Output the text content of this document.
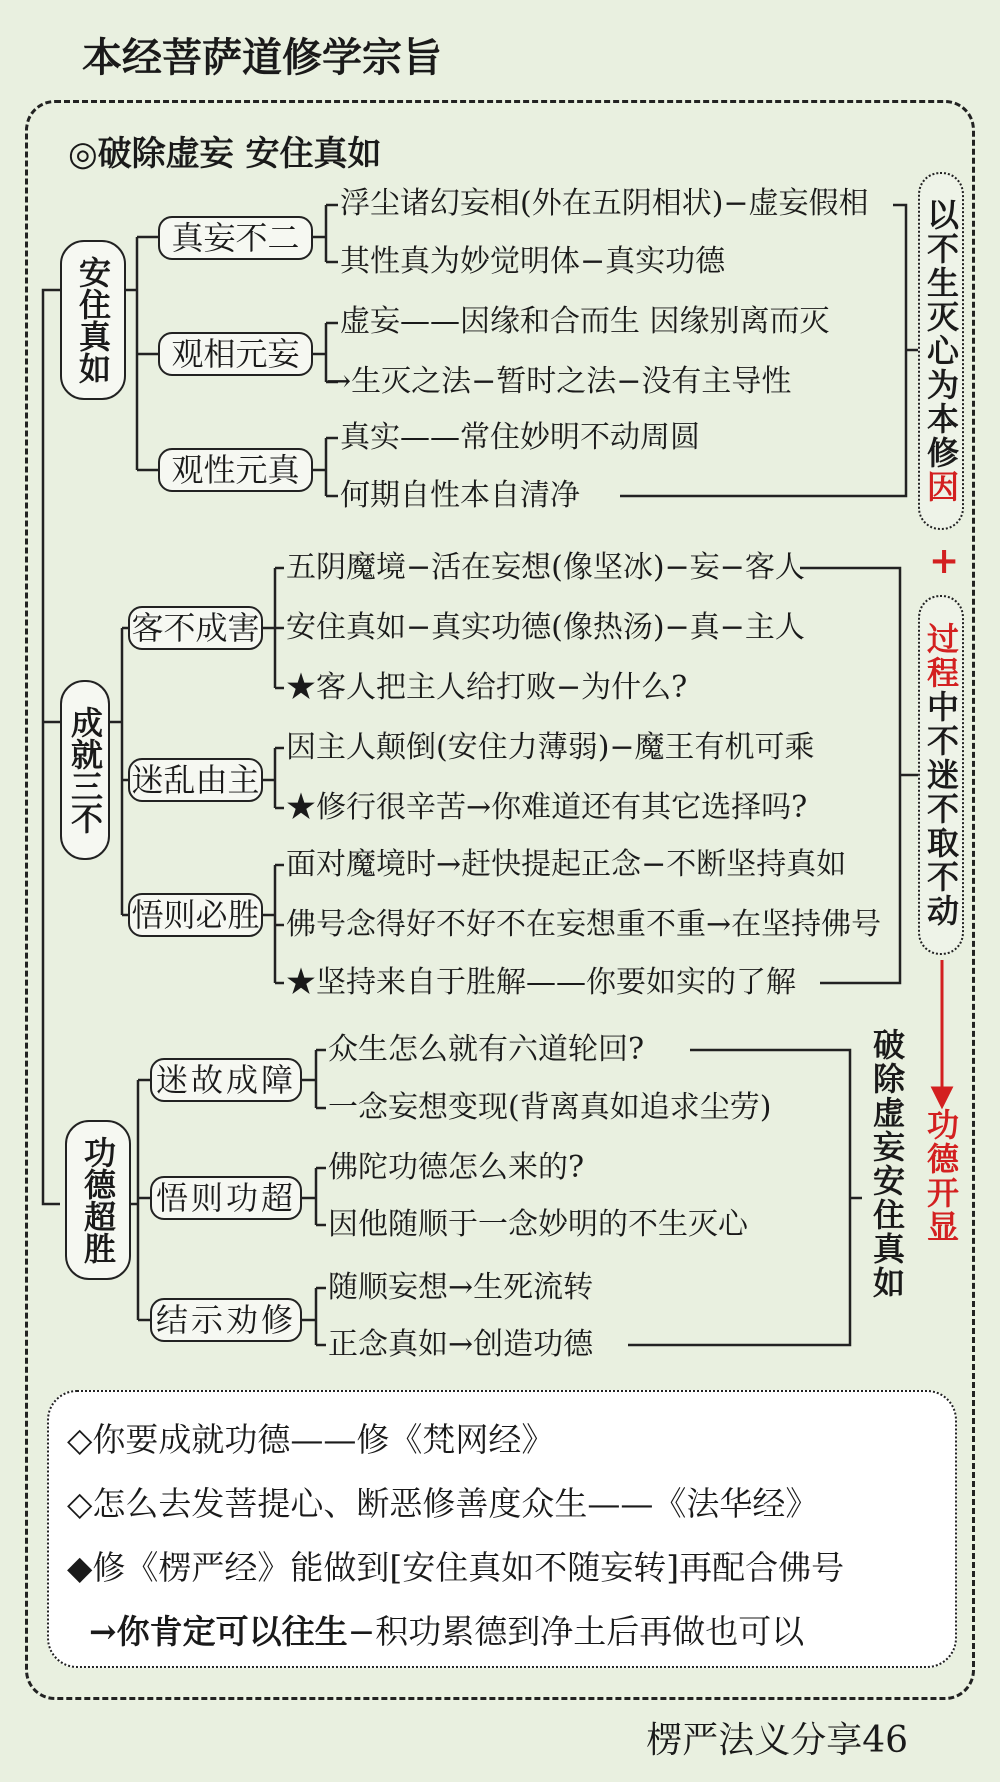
本经菩萨道修学宗旨
◎破除虚妄 安住真如
安住真如
成就三不
功德超胜
真妄不二
观相元妄
观性元真
客不成害
迷乱由主
悟则必胜
迷故成障
悟则功超
结示劝修
浮尘诸幻妄相(外在五阴相状)−虚妄假相
其性真为妙觉明体−真实功德
虚妄——因缘和合而生 因缘别离而灭
→生灭之法−暂时之法−没有主导性
真实——常住妙明不动周圆
何期自性本自清净
五阴魔境−活在妄想(像坚冰)−妄−客人
安住真如−真实功德(像热汤)−真−主人
★客人把主人给打败−为什么?
因主人颠倒(安住力薄弱)−魔王有机可乘
★修行很辛苦→你难道还有其它选择吗?
面对魔境时→赶快提起正念−不断坚持真如
佛号念得好不好不在妄想重不重→在坚持佛号
★坚持来自于胜解——你要如实的了解
众生怎么就有六道轮回?
一念妄想变现(背离真如追求尘劳)
佛陀功德怎么来的?
因他随顺于一念妙明的不生灭心
随顺妄想→生死流转
正念真如→创造功德
以不生灭心为本修
因
+
过程
中不迷不取不动
功德开显
破除虚妄安住真如
◇你要成就功德——修《梵网经》
◇怎么去发菩提心、断恶修善度众生——《法华经》
◆修《楞严经》能做到[安住真如不随妄转]再配合佛号
→你肯定可以往生−积功累德到净土后再做也可以
楞严法义分享46
